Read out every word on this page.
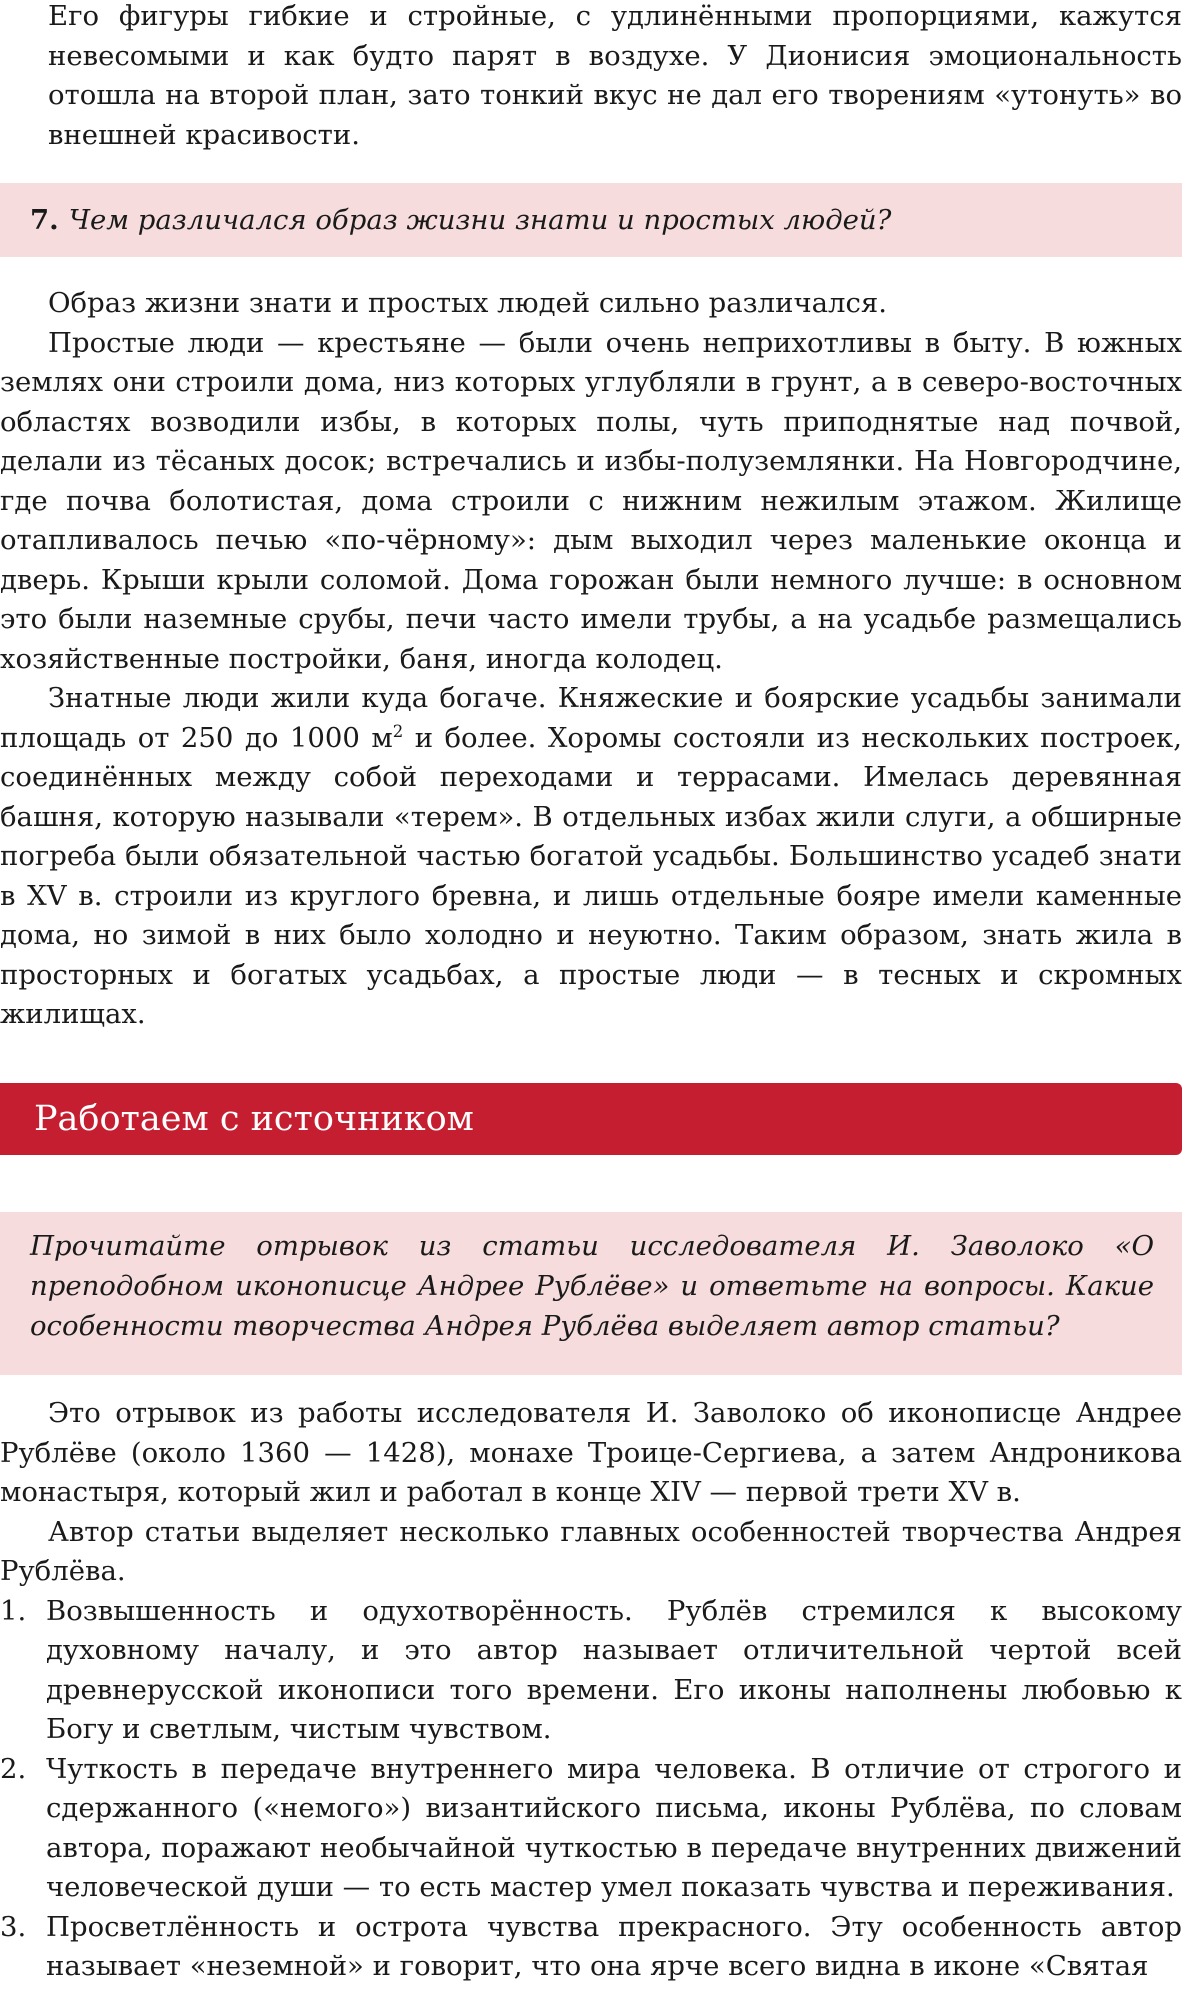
Его фигуры гибкие и стройные, с удлинёнными пропорциями, кажутся невесомыми и как будто парят в воздухе. У Дионисия эмоциональность отошла на второй план, зато тонкий вкус не дал его творениям «утонуть» во внешней красивости.

7. Чем различался образ жизни знати и простых людей?

Образ жизни знати и простых людей сильно различался.

Простые люди — крестьяне — были очень неприхотливы в быту. В южных землях они строили дома, низ которых углубляли в грунт, а в северо-восточных областях возводили избы, в которых полы, чуть приподнятые над почвой, делали из тёсаных досок; встречались и избы-полуземлянки. На Новгородчине, где почва болотистая, дома строили с нижним нежилым этажом. Жилище отапливалось печью «по-чёрному»: дым выходил через маленькие оконца и дверь. Крыши крыли соломой. Дома горожан были немного лучше: в основном это были наземные срубы, печи часто имели трубы, а на усадьбе размещались хозяйственные постройки, баня, иногда колодец.

Знатные люди жили куда богаче. Княжеские и боярские усадьбы занимали площадь от 250 до 1000 $м^2$ и более. Хоромы состояли из нескольких построек, соединённых между собой переходами и террасами. Имелась деревянная башня, которую называли «терем». В отдельных избах жили слуги, а обширные погреба были обязательной частью богатой усадьбы. Большинство усадеб знати в XV в. строили из круглого бревна, и лишь отдельные бояре имели каменные дома, но зимой в них было холодно и неуютно. Таким образом, знать жила в просторных и богатых усадьбах, а простые люди — в тесных и скромных жилищах.

Работаем с источником
Прочитайте отрывок из статьи исследователя И. Заволоко «О преподобном иконописце Андрее Рублёве» и ответьте на вопросы. Какие особенности творчества Андрея Рублёва выделяет автор статьи?

Это отрывок из работы исследователя И. Заволоко об иконописце Андрее Рублёве (около 1360 — 1428), монахе Троице-Сергиева, а затем Андроникова монастыря, который жил и работал в конце XIV — первой трети XV в.

Автор статьи выделяет несколько главных особенностей творчества Андрея Рублёва.

1. Возвышенность и одухотворённость. Рублёв стремился к высокому духовному началу, и это автор называет отличительной чертой всей древнерусской иконописи того времени. Его иконы наполнены любовью к Богу и светлым, чистым чувством.
2. Чуткость в передаче внутреннего мира человека. В отличие от строгого и сдержанного («немого») византийского письма, иконы Рублёва, по словам автора, поражают необычайной чуткостью в передаче внутренних движений человеческой души — то есть мастер умел показать чувства и переживания.
3. Просветлённость и острота чувства прекрасного. Эту особенность автор называет «неземной» и говорит, что она ярче всего видна в иконе «Святая
